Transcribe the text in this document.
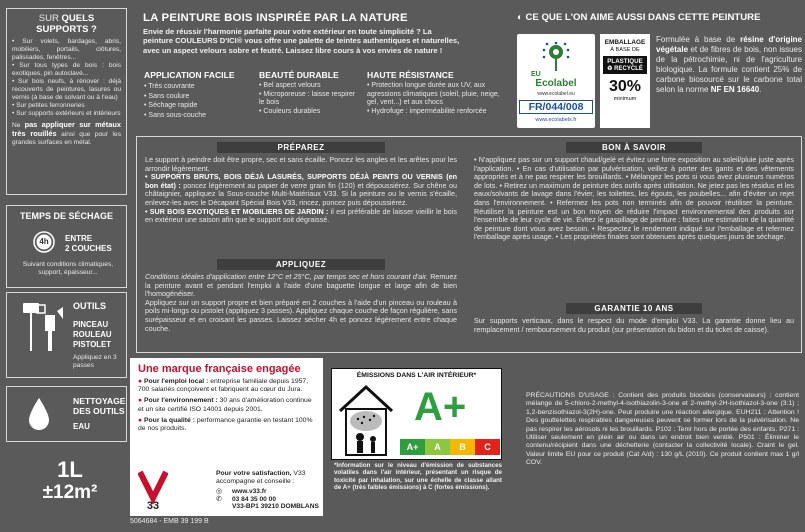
SUR QUELS SUPPORTS ?
• Sur volets, bardages, abris, mobiliers, portails, clôtures, palissades, fenêtres...
• Sur tous types de bois : bois exotiques, pin autoclavé...
• Sur bois neufs, à rénover : déjà recouverts de peintures, lasures ou vernis (à base de solvant ou à l'eau)
• Sur petites ferronneries
• Sur supports extérieurs et intérieurs
Ne pas appliquer sur métaux très rouillés ainsi que pour les grandes surfaces en métal.
TEMPS DE SÉCHAGE
4h	ENTRE
2 COUCHES
Suivant conditions climatiques, support, épaisseur...
OUTILS
PINCEAU
ROULEAU
PISTOLET
Appliquez en 3 passes
NETTOYAGE
DES OUTILS
EAU
1L
±12m²
5064684 - EMB 39 199 B
LA PEINTURE BOIS INSPIRÉE PAR LA NATURE
Envie de réussir l'harmonie parfaite pour votre extérieur en toute simplicité ? La
peinture COULEURS D'ICI® vous offre une palette de teintes authentiques et naturelles,
avec un aspect velours sobre et feutré. Laissez libre cours à vos envies de nature !
APPLICATION FACILE
• Très couvrante
• Sans coulure
• Séchage rapide
• Sans sous-couche
BEAUTÉ DURABLE
• Bel aspect velours
• Microporeuse : laisse respirer le bois
• Couleurs durables
HAUTE RÉSISTANCE
• Protection longue durée aux UV, aux agressions climatiques (soleil, pluie, neige, gel, vent...) et aux chocs
• Hydrofuge : imperméabilité renforcée
◐ CE QUE L'ON AIME AUSSI DANS CETTE PEINTURE
EU
Ecolabel
www.ecolabel.eu
FR/044/008
www.ecolabels.fr
EMBALLAGE
À BASE DE
PLASTIQUE
♻ RECYCLÉ
30%
minimum
Formulée à base de résine d'origine végétale et de fibres de bois, non issues de la pétrochimie, ni de l'agriculture biologique. La formule contient 25% de carbone biosourcé sur le carbone total selon la norme NF EN 16640.
PRÉPAREZ
Le support à peindre doit être propre, sec et sans écaille. Poncez les angles et les arêtes pour les arrondir légèrement.
• SUPPORTS BRUTS, BOIS DÉJÀ LASURÉS, SUPPORTS DÉJÀ PEINTS OU VERNIS (en bon état) : poncez légèrement au papier de verre grain fin (120) et dépoussiérez. Sur chêne ou châtaignier, appliquez la Sous-couche Multi-Matériaux V33. Si la peinture ou le vernis s'écaille, enlevez-les avec le Décapant Spécial Bois V33, rincez, poncez puis dépoussiérez.
• SUR BOIS EXOTIQUES ET MOBILIERS DE JARDIN : il est préférable de laisser vieillir le bois en extérieur une saison afin que le support soit dégraissé.
APPLIQUEZ
Conditions idéales d'application entre 12°C et 25°C, par temps sec et hors courant d'air. Remuez la peinture avant et pendant l'emploi à l'aide d'une baguette longue et large afin de bien l'homogénéiser.
Appliquez sur un support propre et bien préparé en 2 couches à l'aide d'un pinceau ou rouleau à poils mi-longs ou pistolet (appliquez 3 passes). Appliquez chaque couche de façon régulière, sans surépaisseur et en croisant les passes. Laissez sécher 4h et poncez légèrement entre chaque couche.
BON À SAVOIR
• N'appliquez pas sur un support chaud/gelé et évitez une forte exposition au soleil/pluie juste après l'application. • En cas d'utilisation par pulvérisation, veillez à porter des gants et des vêtements appropriés et à ne pas respirer les brouillards. • Mélangez les pots si vous avez plusieurs numéros de lots. • Retirez un maximum de peinture des outils après utilisation. Ne jetez pas les résidus et les eaux/solvants de lavage dans l'évier, les toilettes, les égouts, les poubelles... afin d'éviter un rejet dans l'environnement. • Refermez les pots non terminés afin de pouvoir réutiliser la peinture. Réutiliser la peinture est un bon moyen de réduire l'impact environnemental des produits sur l'ensemble de leur cycle de vie. Évitez le gaspillage de peinture : faites une estimation de la quantité de peinture dont vous avez besoin. • Respectez le rendement indiqué sur l'emballage et refermez l'emballage après usage. • Les propriétés finales sont obtenues après quelques jours de séchage.
GARANTIE 10 ANS
Sur supports verticaux, dans le respect du mode d'emploi V33. La garantie donne lieu au remplacement / remboursement du produit (sur présentation du bidon et du ticket de caisse).
Une marque française engagée
● Pour l'emploi local : entreprise familiale depuis 1957, 700 salariés conçoivent et fabriquent au cœur du Jura.
● Pour l'environnement : 30 ans d'amélioration continue et un site certifié ISO 14001 depuis 2001.
● Pour la qualité : performance garantie en testant 100% de nos produits.
33
Pour votre satisfaction, V33 accompagne et conseille :
◎
✆
www.v33.fr
03 84 35 00 00
V33-BP1 39210 DOMBLANS
ÉMISSIONS DANS L'AIR INTÉRIEUR*
A+
A+	A	B	C
*Information sur le niveau d'émission de substances volatiles dans l'air intérieur, présentant un risque de toxicité par inhalation, sur une échelle de classe allant de A+ (très faibles émissions) à C (fortes émissions).
PRÉCAUTIONS D'USAGE : Contient des produits biocides (conservateurs) : contient mélange de 5-chloro-2-methyl-4-isothiazolin-3-one et 2-methyl-2H-isothiazol-3-one (3:1) ; 1,2-benzisothiazol-3(2H)-one. Peut produire une réaction allergique. EUH211 : Attention ! Des gouttelettes respirables dangereuses peuvent se former lors de la pulvérisation. Ne pas respirer les aérosols ni les brouillards. P102 : Tenir hors de portée des enfants. P271 : Utiliser seulement en plein air ou dans un endroit bien ventilé. P501 : Éliminer le contenu/récipient dans une déchetterie (contacter la collectivité locale). Craint le gel. Valeur limite EU pour ce produit (Cat A/d) : 130 g/L (2010). Ce produit contient max 1 g/l COV.
